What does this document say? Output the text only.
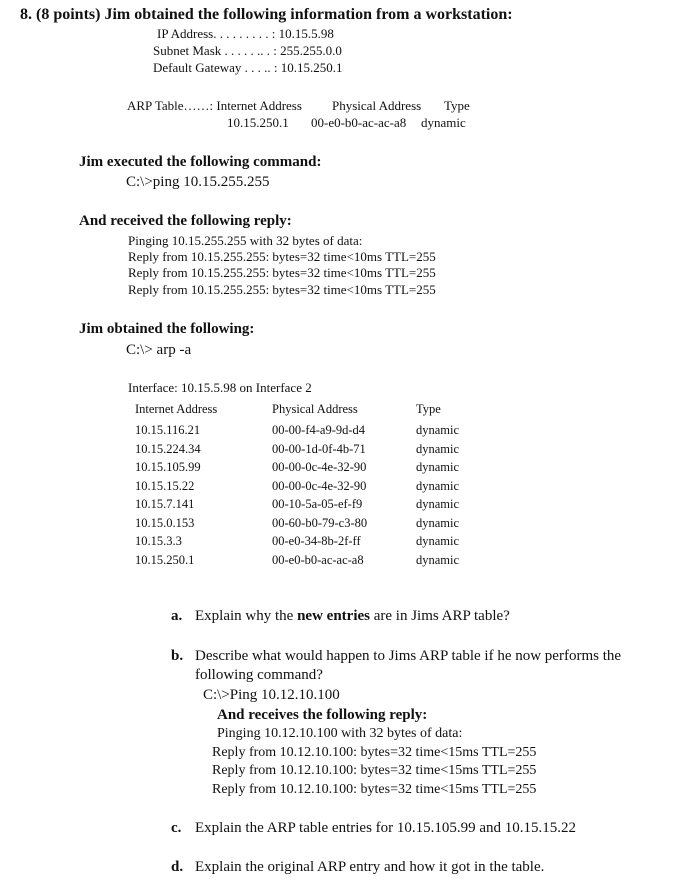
8. (8 points) Jim obtained the following information from a workstation:
IP Address. . . . . . . . . : 10.15.5.98
Subnet Mask . . . . . .. . : 255.255.0.0
Default Gateway . . . .. : 10.15.250.1
ARP Table……: Internet Address Physical Address Type
10.15.250.1 00-e0-b0-ac-ac-a8 dynamic
Jim executed the following command:
C:\>ping 10.15.255.255
And received the following reply:
Pinging 10.15.255.255 with 32 bytes of data:
Reply from 10.15.255.255: bytes=32 time<10ms TTL=255
Reply from 10.15.255.255: bytes=32 time<10ms TTL=255
Reply from 10.15.255.255: bytes=32 time<10ms TTL=255
Jim obtained the following:
C:\> arp -a
Interface: 10.15.5.98 on Interface 2
Internet Address	Physical Address	Type
10.15.116.21	00-00-f4-a9-9d-d4	dynamic
10.15.224.34	00-00-1d-0f-4b-71	dynamic
10.15.105.99	00-00-0c-4e-32-90	dynamic
10.15.15.22	00-00-0c-4e-32-90	dynamic
10.15.7.141	00-10-5a-05-ef-f9	dynamic
10.15.0.153	00-60-b0-79-c3-80	dynamic
10.15.3.3	00-e0-34-8b-2f-ff	dynamic
10.15.250.1	00-e0-b0-ac-ac-a8	dynamic
a. Explain why the new entries are in Jims ARP table?
b. Describe what would happen to Jims ARP table if he now performs the
following command?
C:\>Ping 10.12.10.100
And receives the following reply:
Pinging 10.12.10.100 with 32 bytes of data:
Reply from 10.12.10.100: bytes=32 time<15ms TTL=255
Reply from 10.12.10.100: bytes=32 time<15ms TTL=255
Reply from 10.12.10.100: bytes=32 time<15ms TTL=255
c. Explain the ARP table entries for 10.15.105.99 and 10.15.15.22
d. Explain the original ARP entry and how it got in the table.
